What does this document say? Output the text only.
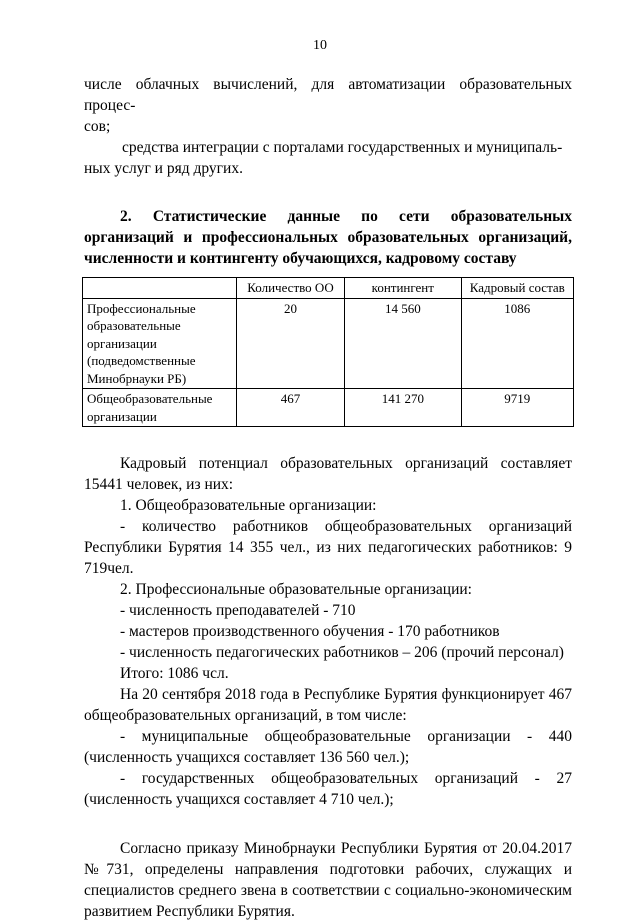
10

числе облачных вычислений, для автоматизации образовательных процес-

сов;

средства интеграции с порталами государственных и муниципаль-

ных услуг и ряд других.

2. Статистические данные по сети образовательных организаций и профессиональных образовательных организаций, численности и контингенту обучающихся, кадровому составу

	Количество ОО	контингент	Кадровый состав
Профессиональные образовательные организации (подведомственные Минобрнауки РБ)	20	14 560	1086
Общеобразовательные организации	467	141 270	9719

Кадровый потенциал образовательных организаций составляет 15441 человек, из них:

1. Общеобразовательные организации:

- количество работников общеобразовательных организаций Республики Бурятия 14 355 чел., из них педагогических работников: 9 719чел.

2. Профессиональные образовательные организации:

- численность преподавателей - 710

- мастеров производственного обучения - 170 работников

- численность педагогических работников – 206 (прочий персонал)

Итого: 1086 чсл.

На 20 сентября 2018 года в Республике Бурятия функционирует 467 общеобразовательных организаций, в том числе:

- муниципальные общеобразовательные организации - 440 (численность учащихся составляет 136 560 чел.);

- государственных общеобразовательных организаций - 27 (численность учащихся составляет 4 710 чел.);

Согласно приказу Минобрнауки Республики Бурятия от 20.04.2017 №731, определены направления подготовки рабочих, служащих и специалистов среднего звена в соответствии с социально-экономическим развитием Республики Бурятия.
